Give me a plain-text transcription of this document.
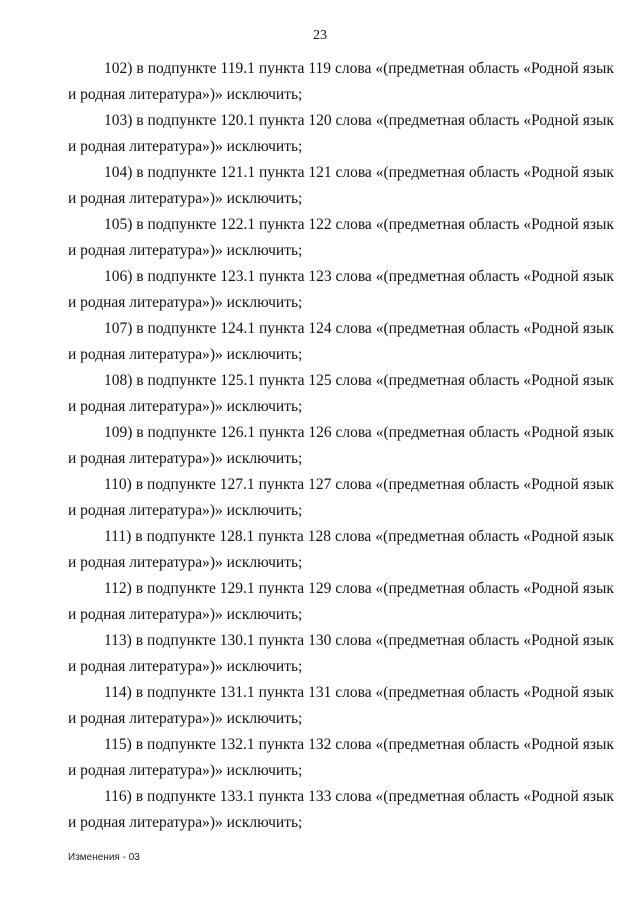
23
102) в подпункте 119.1 пункта 119 слова «(предметная область «Родной язык
и родная литература»)» исключить;
103) в подпункте 120.1 пункта 120 слова «(предметная область «Родной язык
и родная литература»)» исключить;
104) в подпункте 121.1 пункта 121 слова «(предметная область «Родной язык
и родная литература»)» исключить;
105) в подпункте 122.1 пункта 122 слова «(предметная область «Родной язык
и родная литература»)» исключить;
106) в подпункте 123.1 пункта 123 слова «(предметная область «Родной язык
и родная литература»)» исключить;
107) в подпункте 124.1 пункта 124 слова «(предметная область «Родной язык
и родная литература»)» исключить;
108) в подпункте 125.1 пункта 125 слова «(предметная область «Родной язык
и родная литература»)» исключить;
109) в подпункте 126.1 пункта 126 слова «(предметная область «Родной язык
и родная литература»)» исключить;
110) в подпункте 127.1 пункта 127 слова «(предметная область «Родной язык
и родная литература»)» исключить;
111) в подпункте 128.1 пункта 128 слова «(предметная область «Родной язык
и родная литература»)» исключить;
112) в подпункте 129.1 пункта 129 слова «(предметная область «Родной язык
и родная литература»)» исключить;
113) в подпункте 130.1 пункта 130 слова «(предметная область «Родной язык
и родная литература»)» исключить;
114) в подпункте 131.1 пункта 131 слова «(предметная область «Родной язык
и родная литература»)» исключить;
115) в подпункте 132.1 пункта 132 слова «(предметная область «Родной язык
и родная литература»)» исключить;
116) в подпункте 133.1 пункта 133 слова «(предметная область «Родной язык
и родная литература»)» исключить;
Изменения - 03
